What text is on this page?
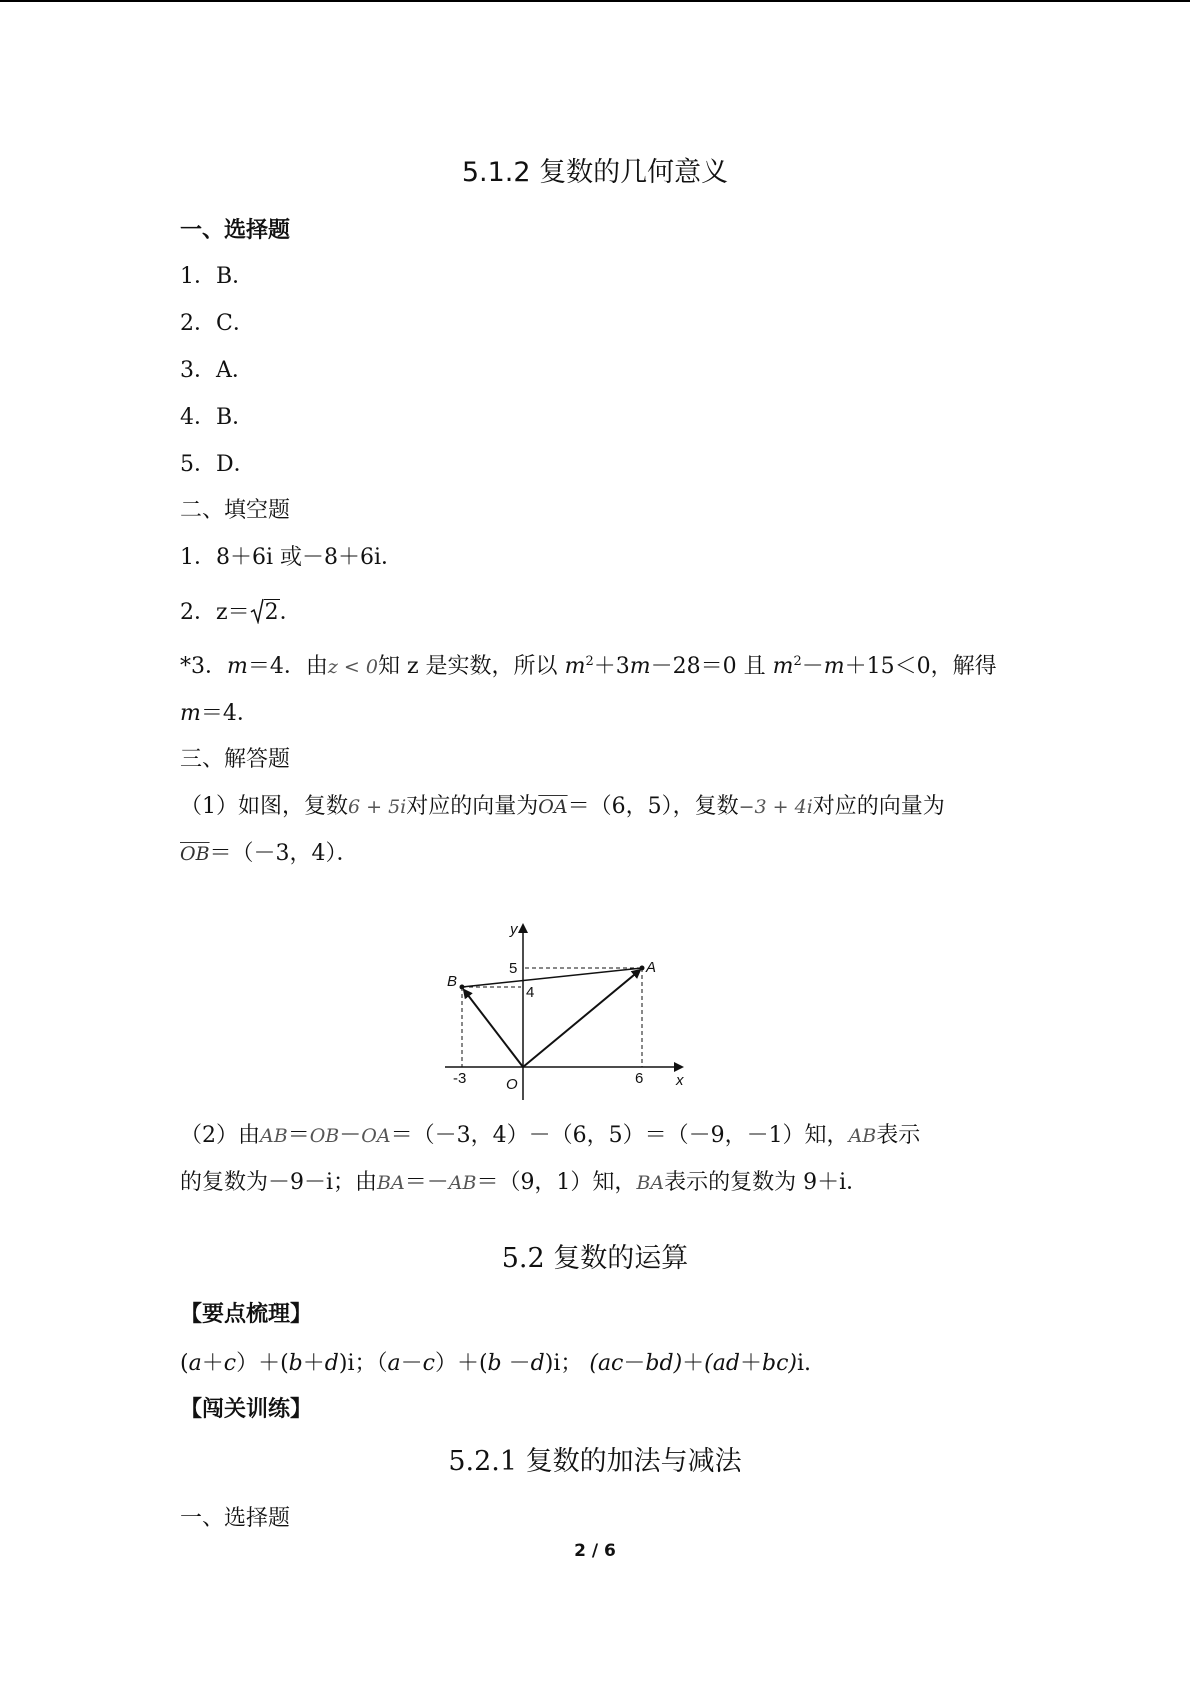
5.1.2 复数的几何意义
一、选择题
1．B．
2．C．
3．A．
4．B．
5．D．
二、填空题
1．8＋6i 或－8＋6i．
2．z＝ 2．
*3．m＝4．由z < 0知 z 是实数，所以 $m^2+3m-28=0$ 且 $m^2-m+15<0$，解得
m＝4．
三、解答题
（1）如图，复数6 + 5i对应的向量为$\overline{OA}=(6$，5），复数−3 + 4i对应的向量为
$\overline{OB}=(-3$，4）．
（2）由AB＝OB－OA＝（－3，4）－（6，5）＝（－9，－1）知，AB表示
的复数为－9－i；由BA＝－AB＝（9，1）知，BA表示的复数为 9＋i．
5.2 复数的运算
【要点梳理】
(a＋c）＋(b＋d)i；（a－c）＋(b －d)i； (ac－bd)＋(ad＋bc)i.
【闯关训练】
5.2.1 复数的加法与减法
一、选择题
x
y
O
A
B
-3	6
5
4
2 / 6
